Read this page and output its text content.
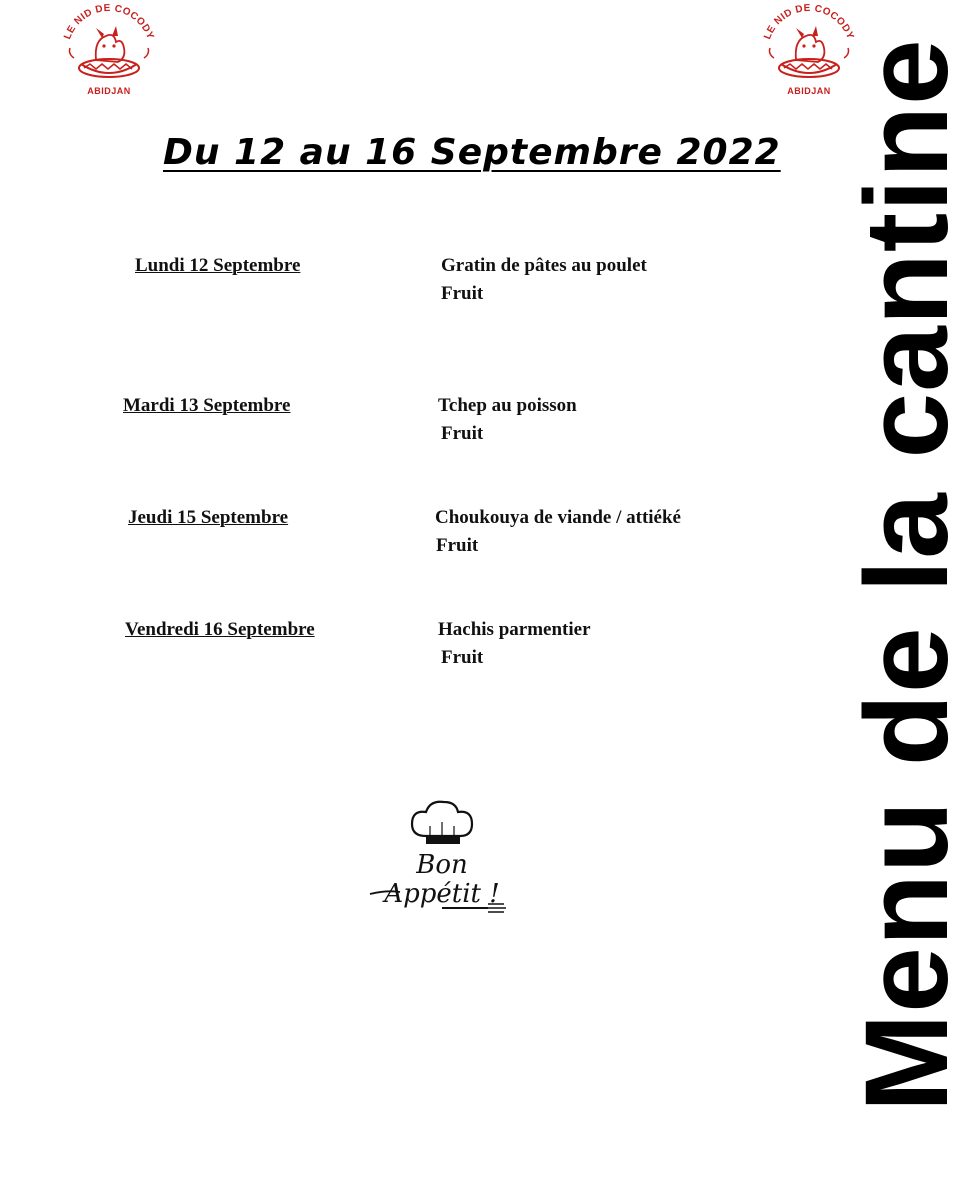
LE NID DE COCODY
ABIDJAN
LE NID DE COCODY
ABIDJAN Menu de la cantine
Du 12 au 16 Septembre 2022
Lundi 12 Septembre	Gratin de pâtes au poulet
Fruit
Mardi 13 Septembre	Tchep au poisson
Fruit
Jeudi 15 Septembre	Choukouya de viande / attiéké
Fruit
Vendredi 16 Septembre	Hachis parmentier
Fruit
Bon
Appétit !
